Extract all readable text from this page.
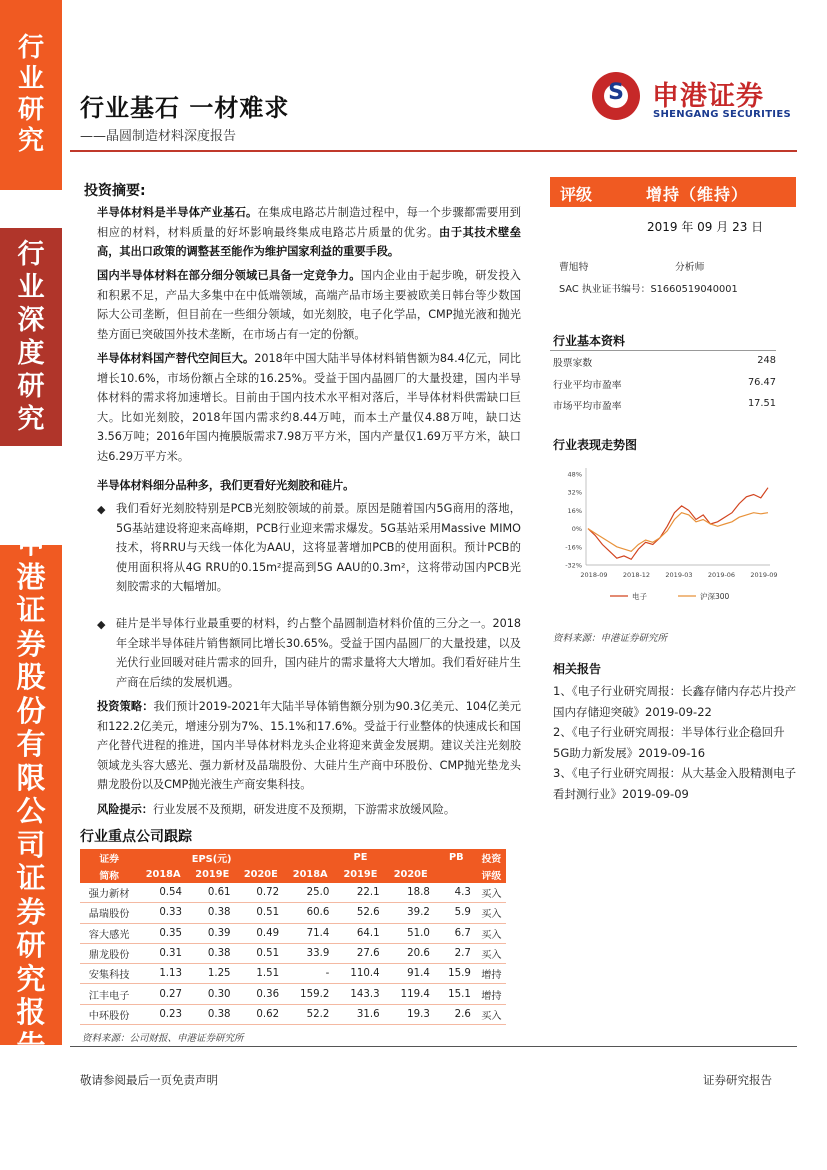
行
业
研
究
行
业
深
度
研
究
申
港
证
券
股
份
有
限
公
司
证
券
研
究
报
告
行业基石 一材难求
——晶圆制造材料深度报告
S 申港证券
SHENGANG SECURITIES
投资摘要:
半导体材料是半导体产业基石。在集成电路芯片制造过程中，每一个步骤都需要用到相应的材料，材料质量的好坏影响最终集成电路芯片质量的优劣。由于其技术壁垒高，其出口政策的调整甚至能作为维护国家利益的重要手段。
国内半导体材料在部分细分领域已具备一定竞争力。国内企业由于起步晚，研发投入和积累不足，产品大多集中在中低端领域，高端产品市场主要被欧美日韩台等少数国际大公司垄断，但目前在一些细分领域，如光刻胶，电子化学品，CMP抛光液和抛光垫方面已突破国外技术垄断，在市场占有一定的份额。
半导体材料国产替代空间巨大。2018年中国大陆半导体材料销售额为84.4亿元，同比增长10.6%，市场份额占全球的16.25%。受益于国内晶圆厂的大量投建，国内半导体材料的需求将加速增长。目前由于国内技术水平相对落后，半导体材料供需缺口巨大。比如光刻胶，2018年国内需求约8.44万吨，而本土产量仅4.88万吨，缺口达3.56万吨；2016年国内掩膜版需求7.98万平方米，国内产量仅1.69万平方米，缺口达6.29万平方米。
半导体材料细分品种多，我们更看好光刻胶和硅片。
◆ 我们看好光刻胶特别是PCB光刻胶领域的前景。原因是随着国内5G商用的落地，5G基站建设将迎来高峰期，PCB行业迎来需求爆发。5G基站采用Massive MIMO技术，将RRU与天线一体化为AAU，这将显著增加PCB的使用面积。预计PCB的使用面积将从4G RRU的0.15m²提高到5G AAU的0.3m²，这将带动国内PCB光刻胶需求的大幅增加。
◆ 硅片是半导体行业最重要的材料，约占整个晶圆制造材料价值的三分之一。2018年全球半导体硅片销售额同比增长30.65%。受益于国内晶圆厂的大量投建，以及光伏行业回暖对硅片需求的回升，国内硅片的需求量将大大增加。我们看好硅片生产商在后续的发展机遇。
投资策略：我们预计2019-2021年大陆半导体销售额分别为90.3亿美元、104亿美元和122.2亿美元，增速分别为7%、15.1%和17.6%。受益于行业整体的快速成长和国产化替代进程的推进，国内半导体材料龙头企业将迎来黄金发展期。建议关注光刻胶领域龙头容大感光、强力新材及晶瑞股份、大硅片生产商中环股份、CMP抛光垫龙头鼎龙股份以及CMP抛光液生产商安集科技。
风险提示：行业发展不及预期，研发进度不及预期，下游需求放缓风险。
评级	增持（维持）
2019 年 09 月 23 日
曹旭特	分析师
SAC 执业证书编号：S1660519040001
行业基本资料
股票家数	248
行业平均市盈率	76.47
市场平均市盈率	17.51
行业表现走势图
48%
32%
16%
0%
-16%
-32%
2018-09 2018-12 2019-03 2019-06 2019-09
电子	沪深300
资料来源：申港证券研究所
相关报告
1、《电子行业研究周报：长鑫存储内存芯片投产 国内存储迎突破》2019-09-22
2、《电子行业研究周报：半导体行业企稳回升 5G助力新发展》2019-09-16
3、《电子行业研究周报：从大基金入股精测电子看封测行业》2019-09-09
行业重点公司跟踪
证券	EPS(元)			PE			PB	投资
简称	2018A	2019E	2020E	2018A	2019E	2020E		评级
强力新材	0.54	0.61	0.72	25.0	22.1	18.8	4.3	买入
晶瑞股份	0.33	0.38	0.51	60.6	52.6	39.2	5.9	买入
容大感光	0.35	0.39	0.49	71.4	64.1	51.0	6.7	买入
鼎龙股份	0.31	0.38	0.51	33.9	27.6	20.6	2.7	买入
安集科技	1.13	1.25	1.51	-	110.4	91.4	15.9	增持
江丰电子	0.27	0.30	0.36	159.2	143.3	119.4	15.1	增持
中环股份	0.23	0.38	0.62	52.2	31.6	19.3	2.6	买入
资料来源：公司财报、申港证券研究所
敬请参阅最后一页免责声明	证券研究报告
